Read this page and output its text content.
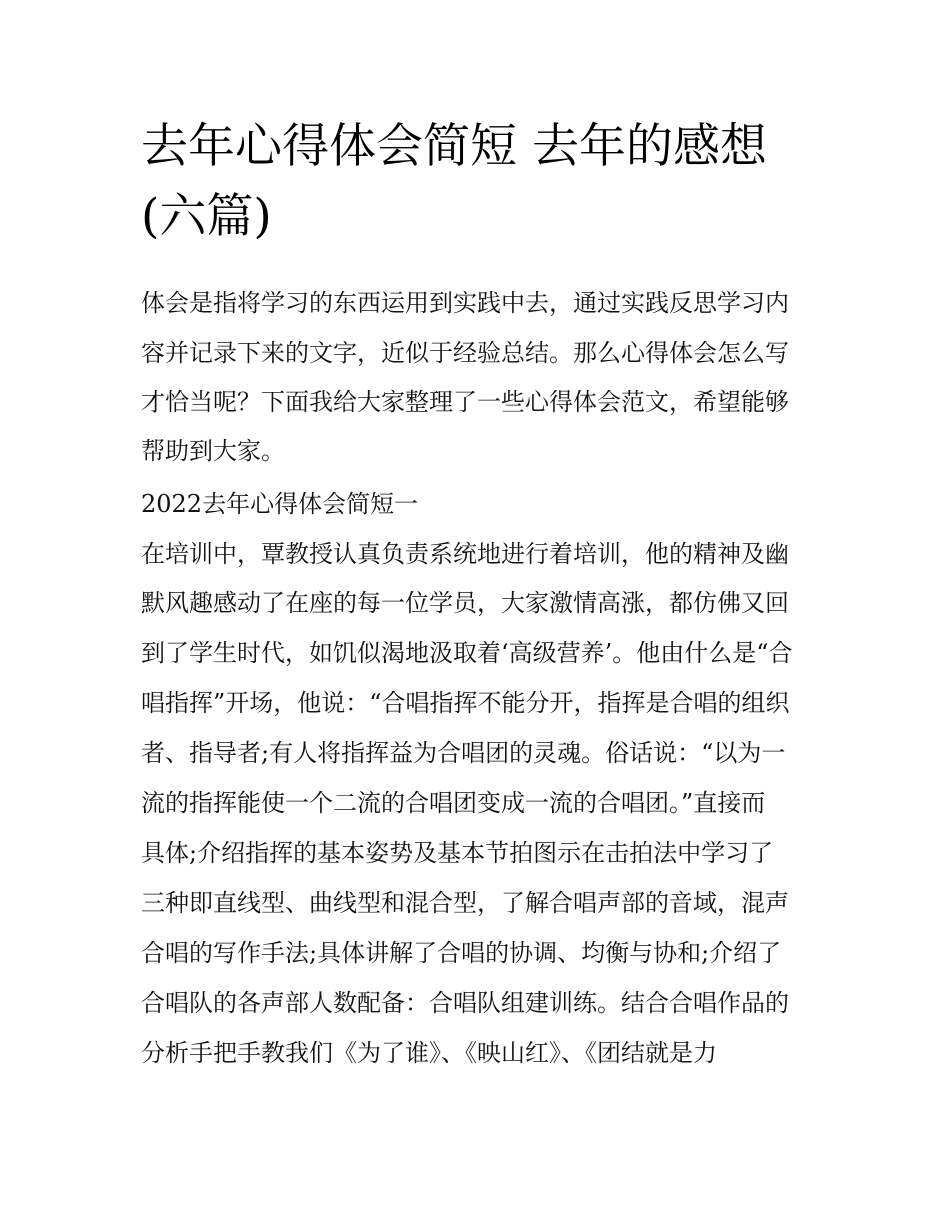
去年心得体会简短 去年的感想
(六篇)

体会是指将学习的东西运用到实践中去，通过实践反思学习内

容并记录下来的文字，近似于经验总结。那么心得体会怎么写

才恰当呢？下面我给大家整理了一些心得体会范文，希望能够

帮助到大家。

2022去年心得体会简短一

在培训中，覃教授认真负责系统地进行着培训，他的精神及幽

默风趣感动了在座的每一位学员，大家激情高涨，都仿佛又回

到了学生时代，如饥似渴地汲取着‘高级营养’。他由什么是“合

唱指挥”开场，他说：“合唱指挥不能分开，指挥是合唱的组织

者、指导者;有人将指挥益为合唱团的灵魂。俗话说：“以为一

流的指挥能使一个二流的合唱团变成一流的合唱团。”直接而

具体;介绍指挥的基本姿势及基本节拍图示在击拍法中学习了

三种即直线型、曲线型和混合型，了解合唱声部的音域，混声

合唱的写作手法;具体讲解了合唱的协调、均衡与协和;介绍了

合唱队的各声部人数配备：合唱队组建训练。结合合唱作品的

分析手把手教我们《为了谁》、《映山红》、《团结就是力
